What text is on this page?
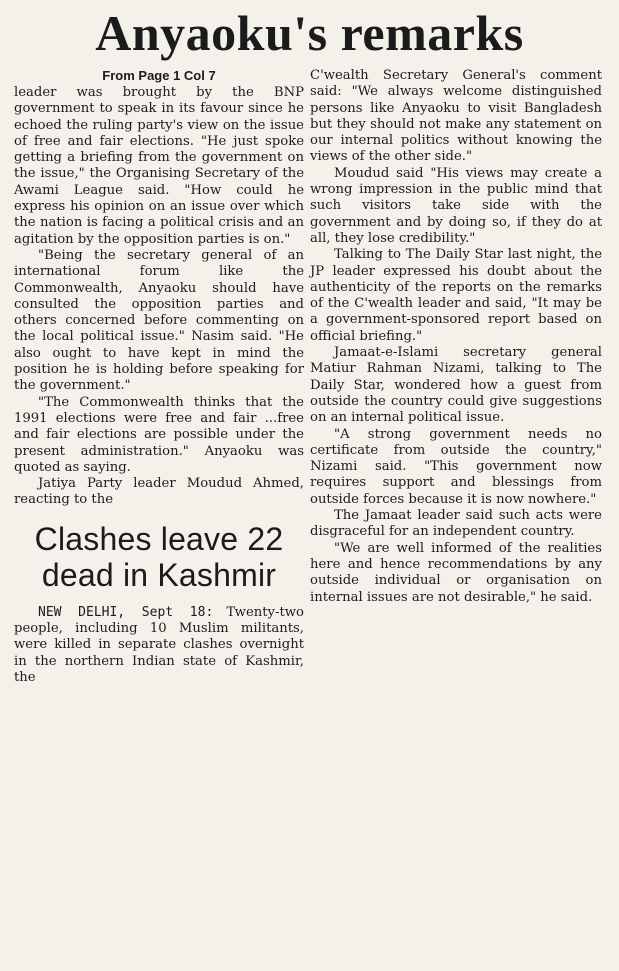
Anyaoku's remarks
From Page 1 Col 7

leader was brought by the BNP government to speak in its favour since he echoed the ruling party's view on the issue of free and fair elections. "He just spoke getting a briefing from the government on the issue," the Organising Secretary of the Awami League said. "How could he express his opinion on an issue over which the nation is facing a political crisis and an agitation by the opposition parties is on."

"Being the secretary general of an international forum like the Commonwealth, Anyaoku should have consulted the opposition parties and others concerned before commenting on the local political issue." Nasim said. "He also ought to have kept in mind the position he is holding before speaking for the government."

"The Commonwealth thinks that the 1991 elections were free and fair ...free and fair elections are possible under the present administration." Anyaoku was quoted as saying.

Jatiya Party leader Moudud Ahmed, reacting to the

Clashes leave 22
dead in Kashmir

NEW DELHI, Sept 18: Twenty-two people, including 10 Muslim militants, were killed in separate clashes overnight in the northern Indian state of Kashmir, the

C'wealth Secretary General's comment said: "We always welcome distinguished persons like Anyaoku to visit Bangladesh but they should not make any statement on our internal politics without knowing the views of the other side."

Moudud said "His views may create a wrong impression in the public mind that such visitors take side with the government and by doing so, if they do at all, they lose credibility."

Talking to The Daily Star last night, the JP leader expressed his doubt about the authenticity of the reports on the remarks of the C'wealth leader and said, "It may be a government-sponsored report based on official briefing."

Jamaat-e-Islami secretary general Matiur Rahman Nizami, talking to The Daily Star, wondered how a guest from outside the country could give suggestions on an internal political issue.

"A strong government needs no certificate from outside the country," Nizami said. "This government now requires support and blessings from outside forces because it is now nowhere."

The Jamaat leader said such acts were disgraceful for an independent country.

"We are well informed of the realities here and hence recommendations by any outside individual or organisation on internal issues are not desirable," he said.
